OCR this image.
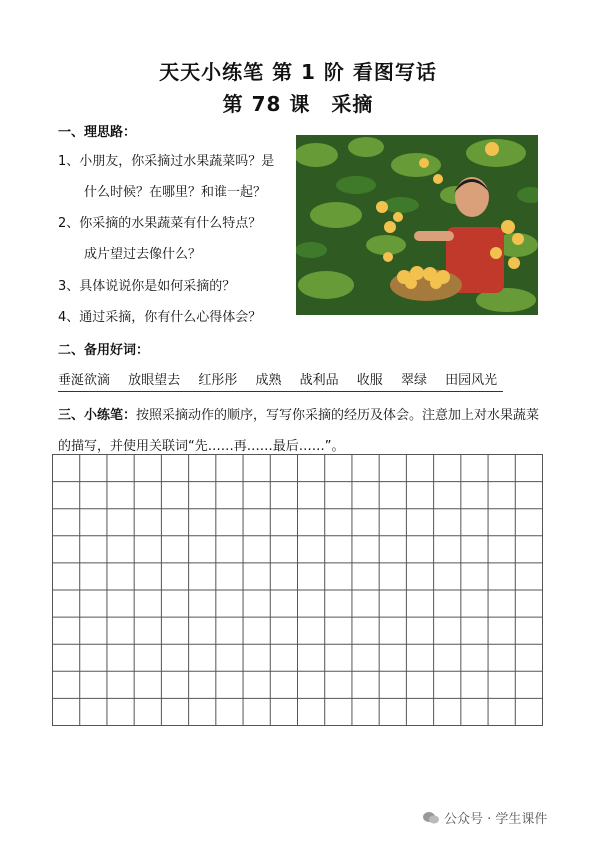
天天小练笔 第 1 阶 看图写话
第 78 课　采摘
一、理思路：
1、小朋友，你采摘过水果蔬菜吗？是
什么时候？在哪里？和谁一起？
2、你采摘的水果蔬菜有什么特点？
成片望过去像什么？
3、具体说说你是如何采摘的？
4、通过采摘，你有什么心得体会？
二、备用好词：
垂涎欲滴 放眼望去 红彤彤 成熟 战利品 收服 翠绿 田园风光
三、小练笔：按照采摘动作的顺序，写写你采摘的经历及体会。注意加上对水果蔬菜的描写，并使用关联词“先……再……最后……”。
公众号 · 学生课件
